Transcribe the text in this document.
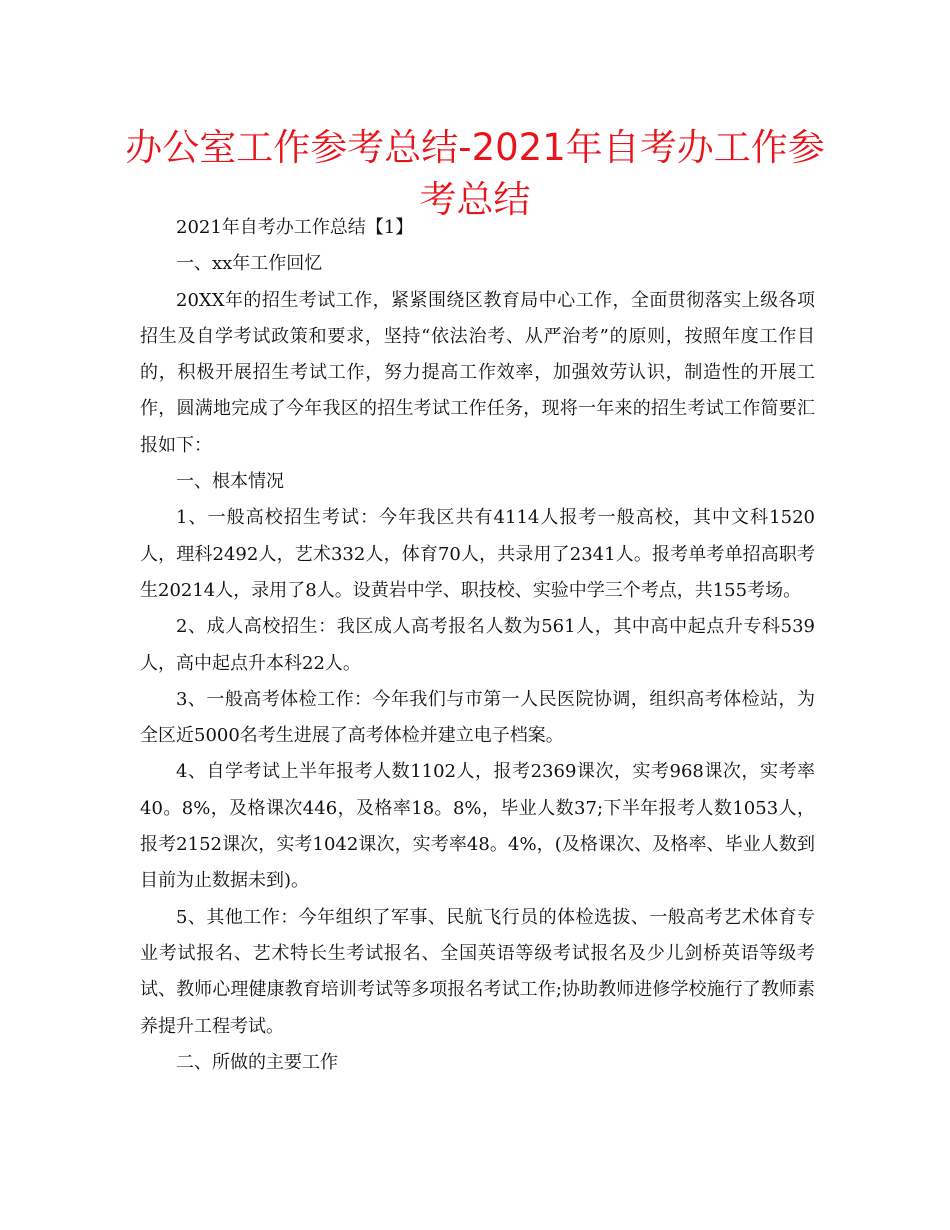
办公室工作参考总结-2021年自考办工作参考总结

2021年自考办工作总结【1】

一、xx年工作回忆

20XX年的招生考试工作，紧紧围绕区教育局中心工作，全面贯彻落实上级各项招生及自学考试政策和要求，坚持“依法治考、从严治考”的原则，按照年度工作目的，积极开展招生考试工作，努力提高工作效率，加强效劳认识，制造性的开展工作，圆满地完成了今年我区的招生考试工作任务，现将一年来的招生考试工作简要汇报如下：

一、根本情况

1、一般高校招生考试：今年我区共有4114人报考一般高校，其中文科1520人，理科2492人，艺术332人，体育70人，共录用了2341人。报考单考单招高职考生20214人，录用了8人。设黄岩中学、职技校、实验中学三个考点，共155考场。

2、成人高校招生：我区成人高考报名人数为561人，其中高中起点升专科539人，高中起点升本科22人。

3、一般高考体检工作：今年我们与市第一人民医院协调，组织高考体检站，为全区近5000名考生进展了高考体检并建立电子档案。

4、自学考试上半年报考人数1102人，报考2369课次，实考968课次，实考率40。8%，及格课次446，及格率18。8%，毕业人数37;下半年报考人数1053人，报考2152课次，实考1042课次，实考率48。4%，(及格课次、及格率、毕业人数到目前为止数据未到)。

5、其他工作：今年组织了军事、民航飞行员的体检选拔、一般高考艺术体育专业考试报名、艺术特长生考试报名、全国英语等级考试报名及少儿剑桥英语等级考试、教师心理健康教育培训考试等多项报名考试工作;协助教师进修学校施行了教师素养提升工程考试。

二、所做的主要工作
